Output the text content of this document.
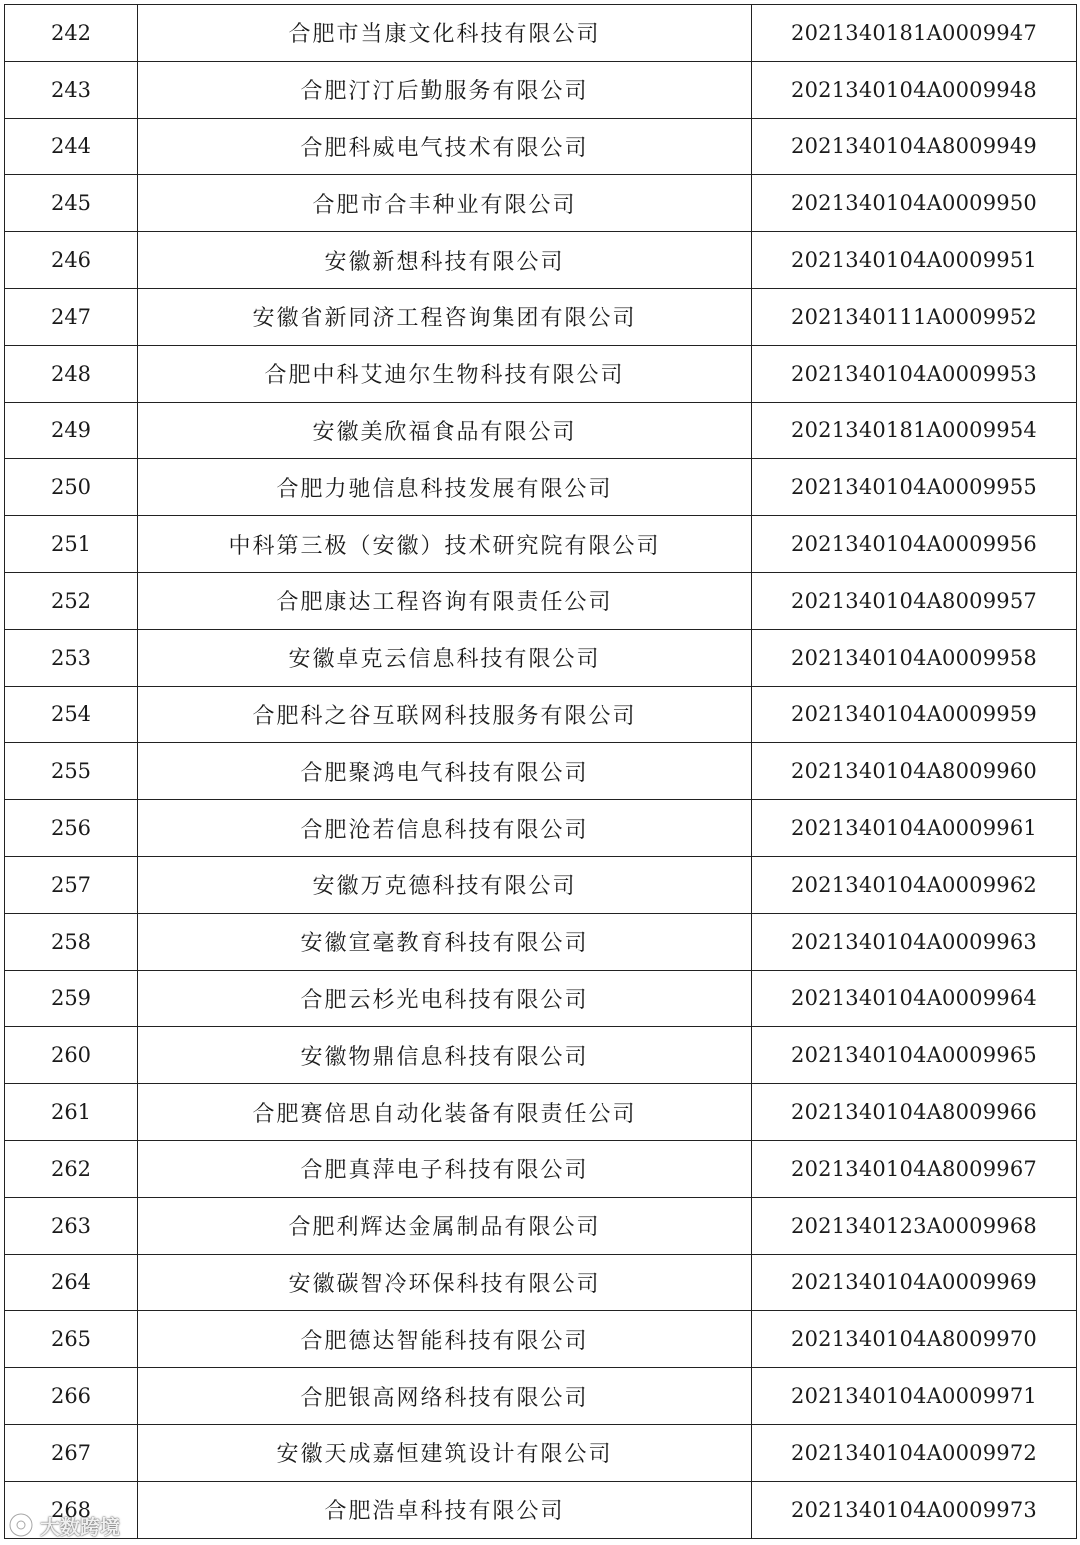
242	合肥市当康文化科技有限公司	2021340181A0009947
243	合肥汀汀后勤服务有限公司	2021340104A0009948
244	合肥科威电气技术有限公司	2021340104A8009949
245	合肥市合丰种业有限公司	2021340104A0009950
246	安徽新想科技有限公司	2021340104A0009951
247	安徽省新同济工程咨询集团有限公司	2021340111A0009952
248	合肥中科艾迪尔生物科技有限公司	2021340104A0009953
249	安徽美欣福食品有限公司	2021340181A0009954
250	合肥力驰信息科技发展有限公司	2021340104A0009955
251	中科第三极（安徽）技术研究院有限公司	2021340104A0009956
252	合肥康达工程咨询有限责任公司	2021340104A8009957
253	安徽卓克云信息科技有限公司	2021340104A0009958
254	合肥科之谷互联网科技服务有限公司	2021340104A0009959
255	合肥聚鸿电气科技有限公司	2021340104A8009960
256	合肥沧若信息科技有限公司	2021340104A0009961
257	安徽万克德科技有限公司	2021340104A0009962
258	安徽宣毫教育科技有限公司	2021340104A0009963
259	合肥云杉光电科技有限公司	2021340104A0009964
260	安徽物鼎信息科技有限公司	2021340104A0009965
261	合肥赛倍思自动化装备有限责任公司	2021340104A8009966
262	合肥真萍电子科技有限公司	2021340104A8009967
263	合肥利辉达金属制品有限公司	2021340123A0009968
264	安徽碳智冷环保科技有限公司	2021340104A0009969
265	合肥德达智能科技有限公司	2021340104A8009970
266	合肥银高网络科技有限公司	2021340104A0009971
267	安徽天成嘉恒建筑设计有限公司	2021340104A0009972
268	合肥浩卓科技有限公司	2021340104A0009973
大数跨境
